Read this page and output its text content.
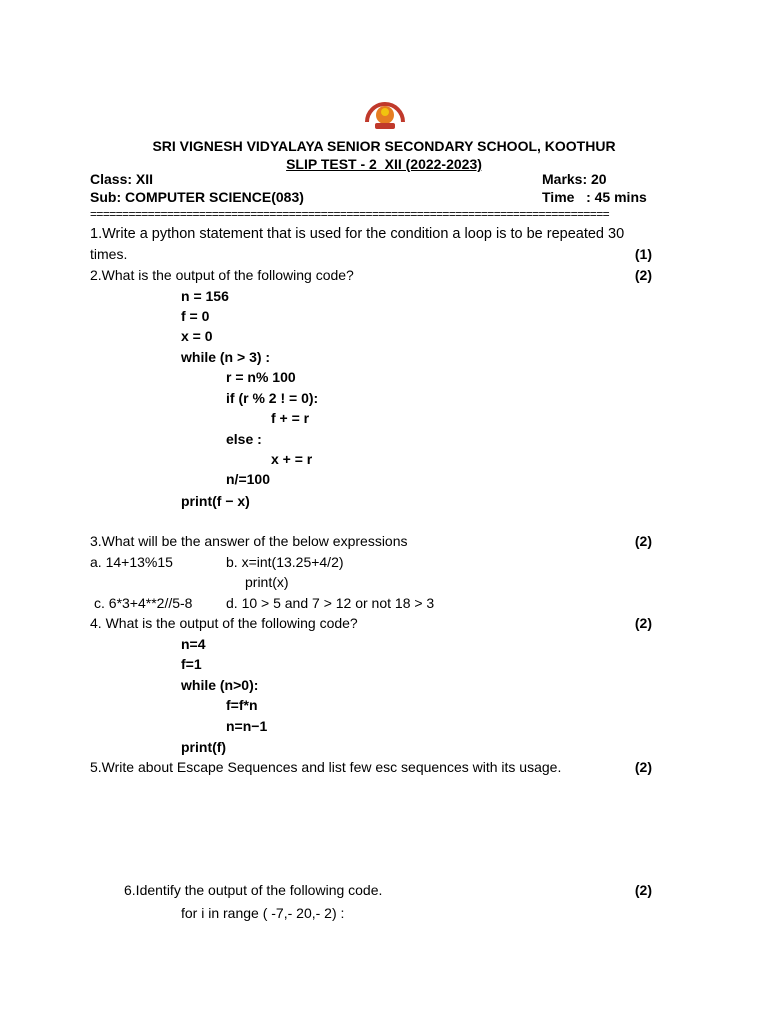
SRI VIGNESH VIDYALAYA SENIOR SECONDARY SCHOOL, KOOTHUR
SLIP TEST - 2  XII (2022-2023)
Class: XII	Marks: 20
Sub: COMPUTER SCIENCE(083)	Time   : 45 mins
=================================================================================
1.Write a python statement that is used for the condition a loop is to be repeated 30
times.	(1)
2.What is the output of the following code?	(2)
n = 156
f = 0
x = 0
while (n > 3) :
r = n% 100
if (r % 2 ! = 0):
f + = r
else :
x + = r
n/=100
print(f − x)
3.What will be the answer of the below expressions	(2)
a. 14+13%15	b. x=int(13.25+4/2)
print(x)
c. 6*3+4**2//5-8 d. 10 > 5 and 7 > 12 or not 18 > 3
4. What is the output of the following code?	(2)
n=4
f=1
while (n>0):
f=f*n
n=n−1
print(f)
5.Write about Escape Sequences and list few esc sequences with its usage.	(2)
6.Identify the output of the following code.	(2)
for i in range ( -7,- 20,- 2) :
